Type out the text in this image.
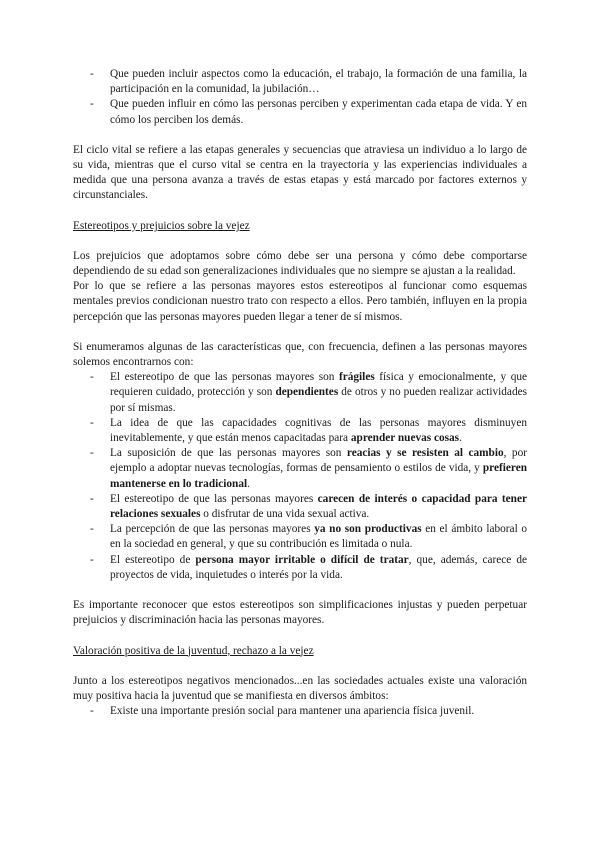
- Que pueden incluir aspectos como la educación, el trabajo, la formación de una familia, la participación en la comunidad, la jubilación…
- Que pueden influir en cómo las personas perciben y experimentan cada etapa de vida. Y en cómo los perciben los demás.

El ciclo vital se refiere a las etapas generales y secuencias que atraviesa un individuo a lo largo de su vida, mientras que el curso vital se centra en la trayectoria y las experiencias individuales a medida que una persona avanza a través de estas etapas y está marcado por factores externos y circunstanciales.

Estereotipos y prejuicios sobre la vejez

Los prejuicios que adoptamos sobre cómo debe ser una persona y cómo debe comportarse dependiendo de su edad son generalizaciones individuales que no siempre se ajustan a la realidad.

Por lo que se refiere a las personas mayores estos estereotipos al funcionar como esquemas mentales previos condicionan nuestro trato con respecto a ellos. Pero también, influyen en la propia percepción que las personas mayores pueden llegar a tener de sí mismos.

Si enumeramos algunas de las características que, con frecuencia, definen a las personas mayores solemos encontrarnos con:

- El estereotipo de que las personas mayores son frágiles física y emocionalmente, y que requieren cuidado, protección y son dependientes de otros y no pueden realizar actividades por sí mismas.
- La idea de que las capacidades cognitivas de las personas mayores disminuyen inevitablemente, y que están menos capacitadas para aprender nuevas cosas.
- La suposición de que las personas mayores son reacias y se resisten al cambio, por ejemplo a adoptar nuevas tecnologías, formas de pensamiento o estilos de vida, y prefieren mantenerse en lo tradicional.
- El estereotipo de que las personas mayores carecen de interés o capacidad para tener relaciones sexuales o disfrutar de una vida sexual activa.
- La percepción de que las personas mayores ya no son productivas en el ámbito laboral o en la sociedad en general, y que su contribución es limitada o nula.
- El estereotipo de persona mayor irritable o difícil de tratar, que, además, carece de proyectos de vida, inquietudes o interés por la vida.

Es importante reconocer que estos estereotipos son simplificaciones injustas y pueden perpetuar prejuicios y discriminación hacia las personas mayores.

Valoración positiva de la juventud, rechazo a la vejez

Junto a los estereotipos negativos mencionados...en las sociedades actuales existe una valoración muy positiva hacia la juventud que se manifiesta en diversos ámbitos:

- Existe una importante presión social para mantener una apariencia física juvenil.
